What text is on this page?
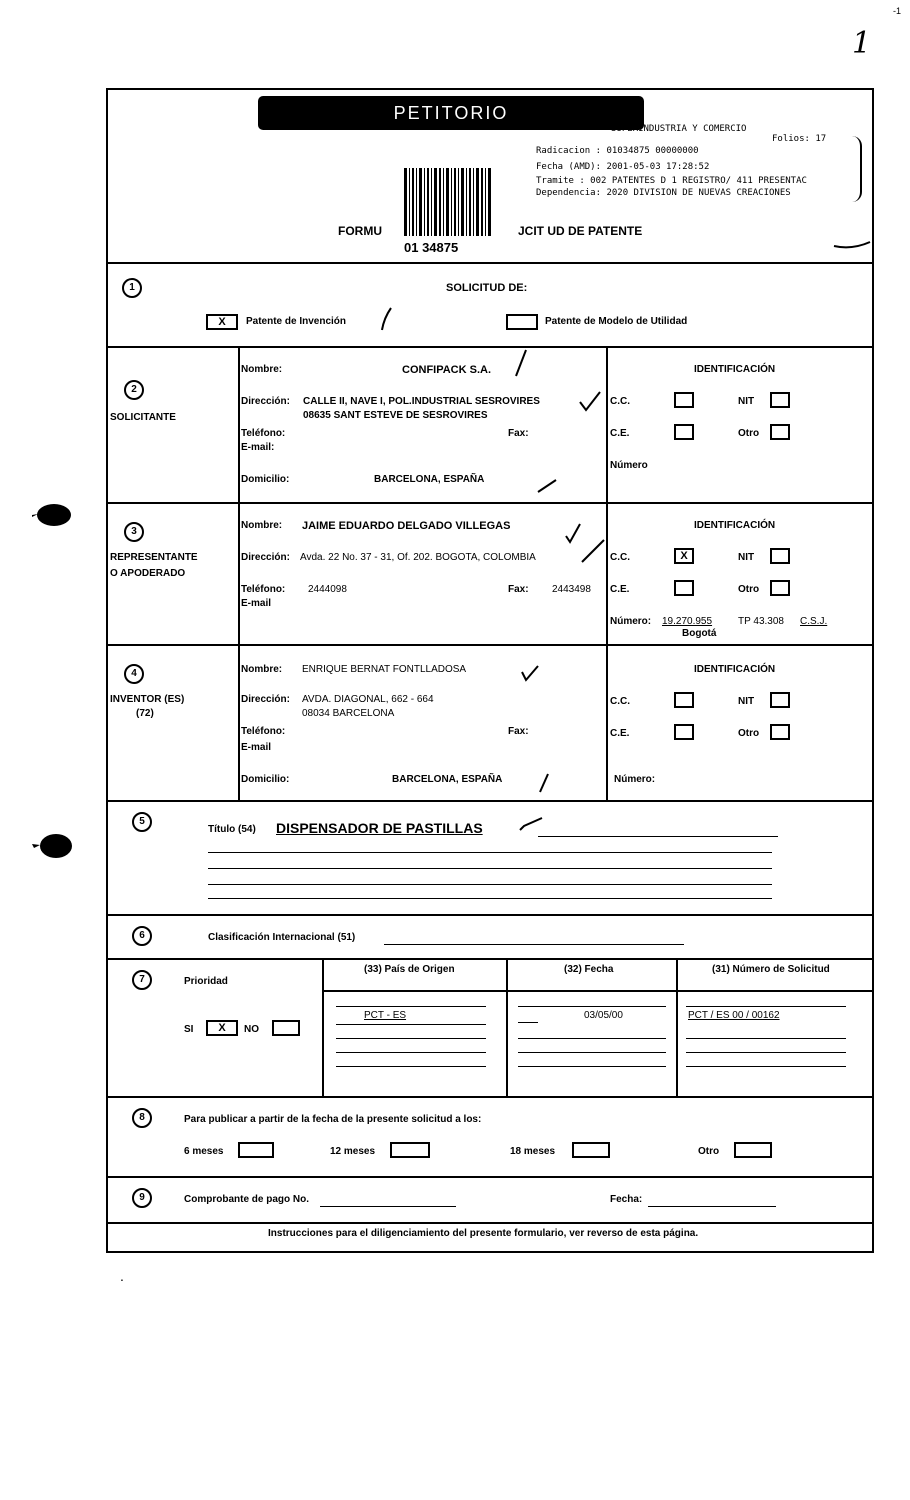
-1
1
.
PETITORIO
SUPERINDUSTRIA Y COMERCIO
Folios: 17
Radicacion : 01034875 00000000
Fecha (AMD): 2001-05-03 17:28:52
Tramite : 002 PATENTES D 1 REGISTRO/ 411 PRESENTAC
Dependencia: 2020 DIVISION DE NUEVAS CREACIONES
FORMU	JCIT UD DE PATENTE
01 34875
1	SOLICITUD DE:
X	Patente de Invención	Patente de Modelo de Utilidad
2
SOLICITANTE
Nombre:	CONFIPACK S.A.
Dirección: CALLE II, NAVE I, POL.INDUSTRIAL SESROVIRES
08635 SANT ESTEVE DE SESROVIRES
Teléfono:	Fax:
E-mail:
Domicilio:	BARCELONA, ESPAÑA
IDENTIFICACIÓN
C.C.	NIT
C.E.	Otro
Número
3
REPRESENTANTE
O APODERADO
Nombre: JAIME EDUARDO DELGADO VILLEGAS
Dirección: Avda. 22 No. 37 - 31, Of. 202. BOGOTA, COLOMBIA
Teléfono: 2444098	Fax: 2443498
E-mail
IDENTIFICACIÓN
C.C.	X	NIT
C.E.	Otro
Número: 19.270.955	TP 43.308 C.S.J.
Bogotá
4
INVENTOR (ES)
(72)
Nombre: ENRIQUE BERNAT FONTLLADOSA
Dirección: AVDA. DIAGONAL, 662 - 664
08034 BARCELONA
Teléfono:	Fax:
E-mail
Domicilio:	BARCELONA, ESPAÑA
IDENTIFICACIÓN
C.C.	NIT
C.E.	Otro
Número:
5
Título (54) DISPENSADOR DE PASTILLAS
6	Clasificación Internacional (51)
7	Prioridad
SI	X	NO
(33) País de Origen	(32) Fecha	(31) Número de Solicitud
PCT - ES	03/05/00	PCT / ES 00 / 00162
8	Para publicar a partir de la fecha de la presente solicitud a los:
6 meses	12 meses	18 meses	Otro
9	Comprobante de pago No.	Fecha:
Instrucciones para el diligenciamiento del presente formulario, ver reverso de esta página.
